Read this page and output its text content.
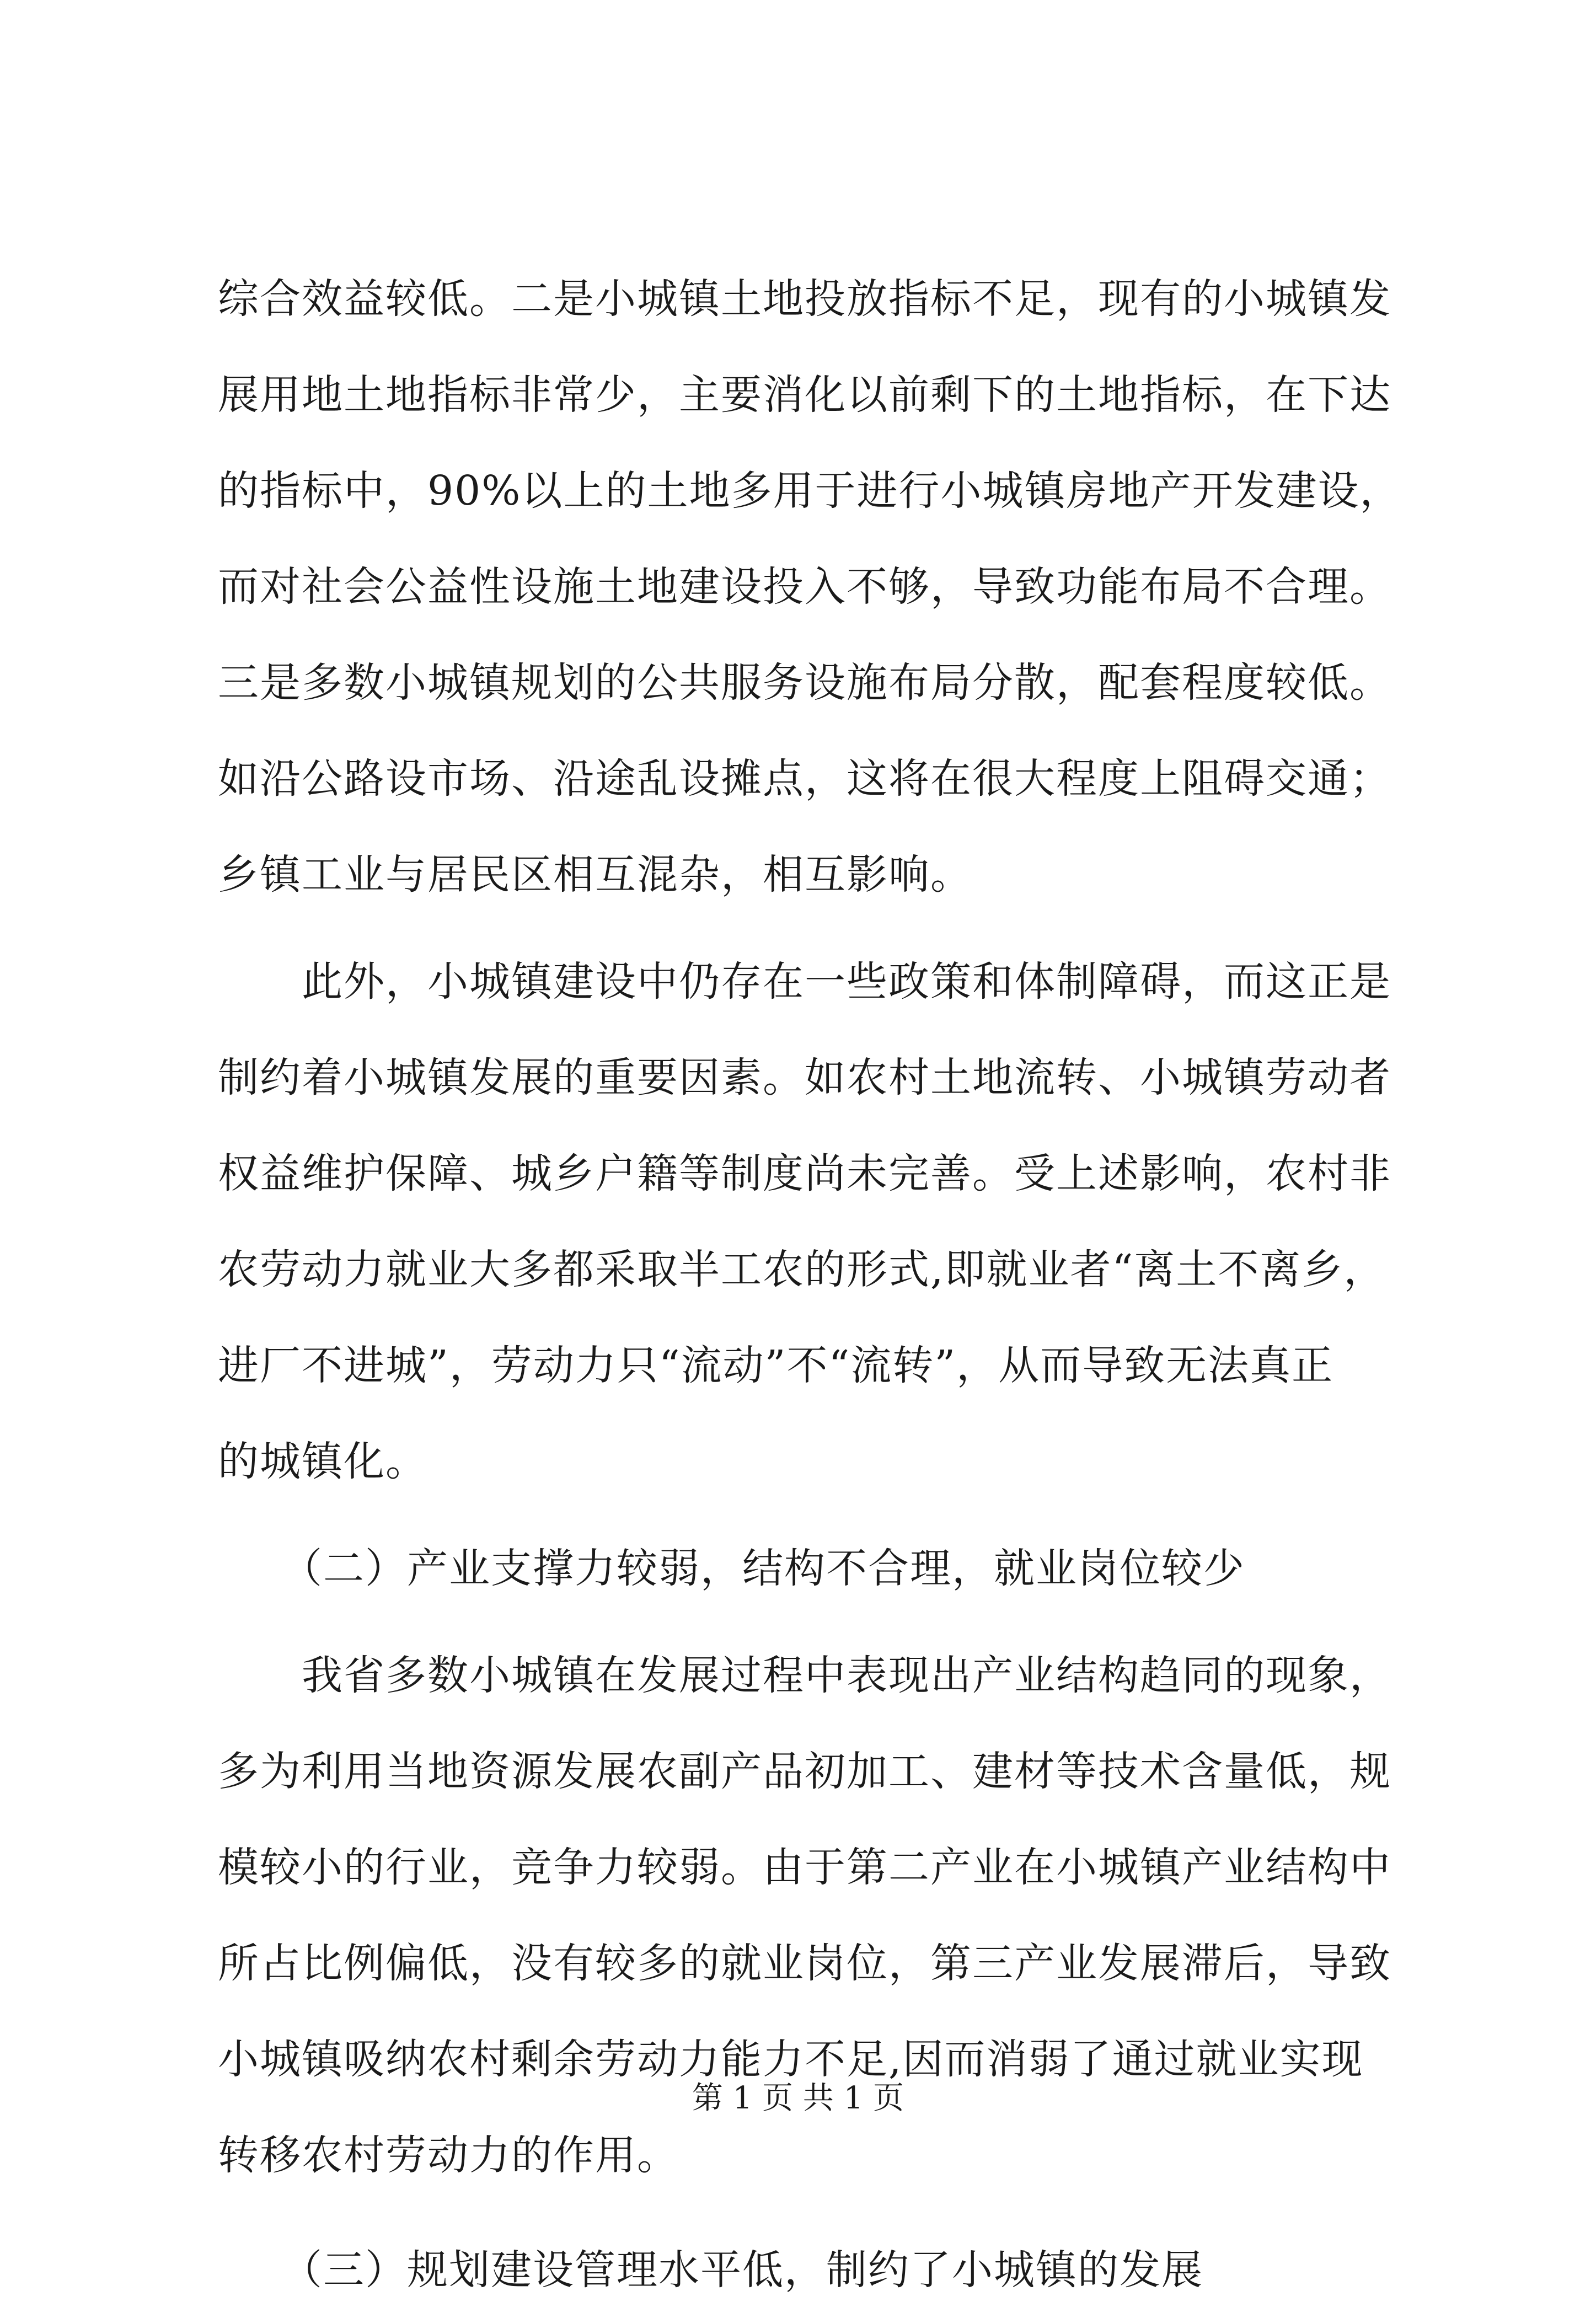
综合效益较低。二是小城镇土地投放指标不足，现有的小城镇发
展用地土地指标非常少，主要消化以前剩下的土地指标，在下达
的指标中，90%以上的土地多用于进行小城镇房地产开发建设，
而对社会公益性设施土地建设投入不够，导致功能布局不合理。
三是多数小城镇规划的公共服务设施布局分散，配套程度较低。
如沿公路设市场、沿途乱设摊点，这将在很大程度上阻碍交通；
乡镇工业与居民区相互混杂，相互影响。
　　此外，小城镇建设中仍存在一些政策和体制障碍，而这正是
制约着小城镇发展的重要因素。如农村土地流转、小城镇劳动者
权益维护保障、城乡户籍等制度尚未完善。受上述影响，农村非
农劳动力就业大多都采取半工农的形式,即就业者“离土不离乡，
进厂不进城”，劳动力只“流动”不“流转”，从而导致无法真正
的城镇化。
　　（二）产业支撑力较弱，结构不合理，就业岗位较少
　　我省多数小城镇在发展过程中表现出产业结构趋同的现象，
多为利用当地资源发展农副产品初加工、建材等技术含量低，规
模较小的行业，竞争力较弱。由于第二产业在小城镇产业结构中
所占比例偏低，没有较多的就业岗位，第三产业发展滞后，导致
小城镇吸纳农村剩余劳动力能力不足,因而消弱了通过就业实现
转移农村劳动力的作用。
　　（三）规划建设管理水平低，制约了小城镇的发展
第 1 页 共 1 页
